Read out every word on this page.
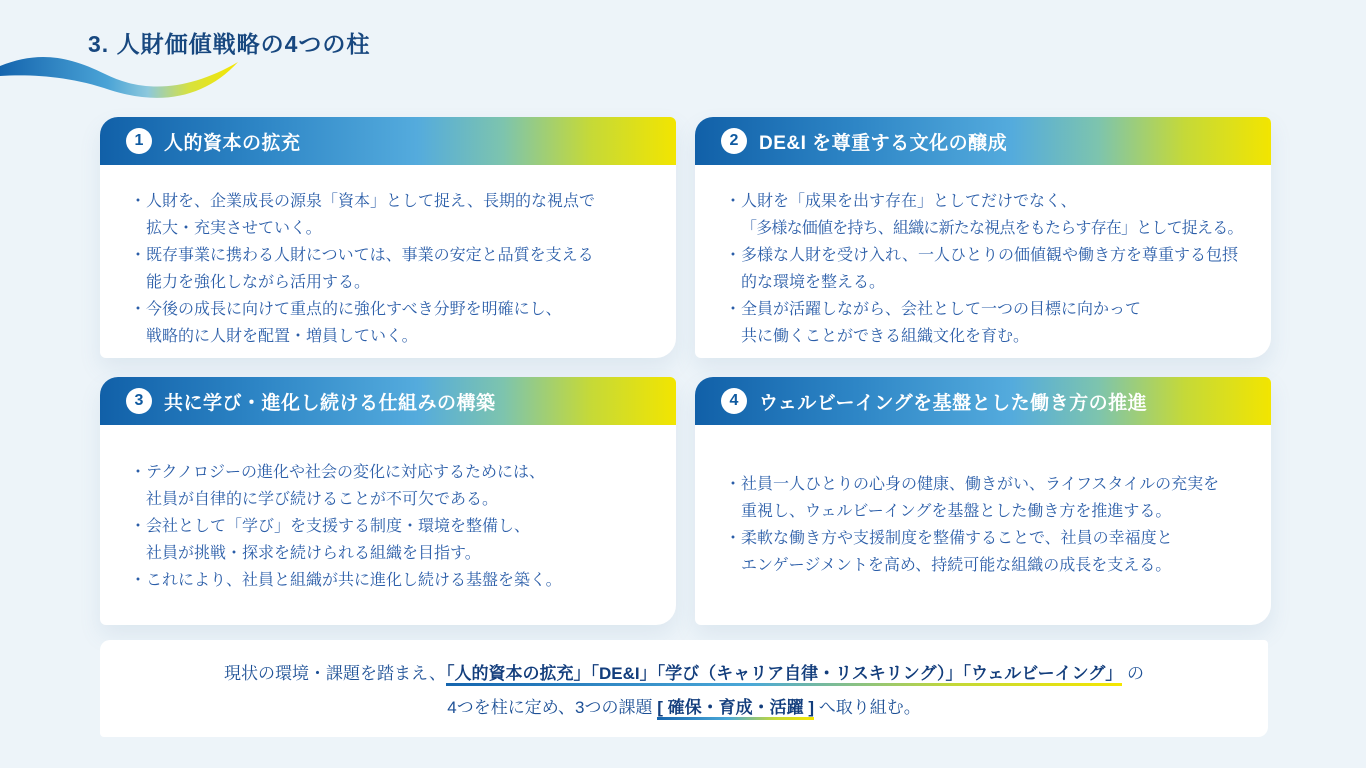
3. 人財価値戦略の4つの柱
1	人的資本の拡充
・人財を、企業成長の源泉「資本」として捉え、長期的な視点で
拡大・充実させていく。
・既存事業に携わる人財については、事業の安定と品質を支える
能力を強化しながら活用する。
・今後の成長に向けて重点的に強化すべき分野を明確にし、
戦略的に人財を配置・増員していく。
2	DE&I を尊重する文化の醸成
・人財を「成果を出す存在」としてだけでなく、
「多様な価値を持ち、組織に新たな視点をもたらす存在」として捉える。
・多様な人財を受け入れ、一人ひとりの価値観や働き方を尊重する包摂
的な環境を整える。
・全員が活躍しながら、会社として一つの目標に向かって
共に働くことができる組織文化を育む。
3	共に学び・進化し続ける仕組みの構築
・テクノロジーの進化や社会の変化に対応するためには、
社員が自律的に学び続けることが不可欠である。
・会社として「学び」を支援する制度・環境を整備し、
社員が挑戦・探求を続けられる組織を目指す。
・これにより、社員と組織が共に進化し続ける基盤を築く。
4	ウェルビーイングを基盤とした働き方の推進
・社員一人ひとりの心身の健康、働きがい、ライフスタイルの充実を
重視し、ウェルビーイングを基盤とした働き方を推進する。
・柔軟な働き方や支援制度を整備することで、社員の幸福度と
エンゲージメントを高め、持続可能な組織の成長を支える。
現状の環境・課題を踏まえ、「人的資本の拡充」「DE&I」「学び（キャリア自律・リスキリング）」「ウェルビーイング」 の
4つを柱に定め、3つの課題 [ 確保・育成・活躍 ] へ取り組む。
